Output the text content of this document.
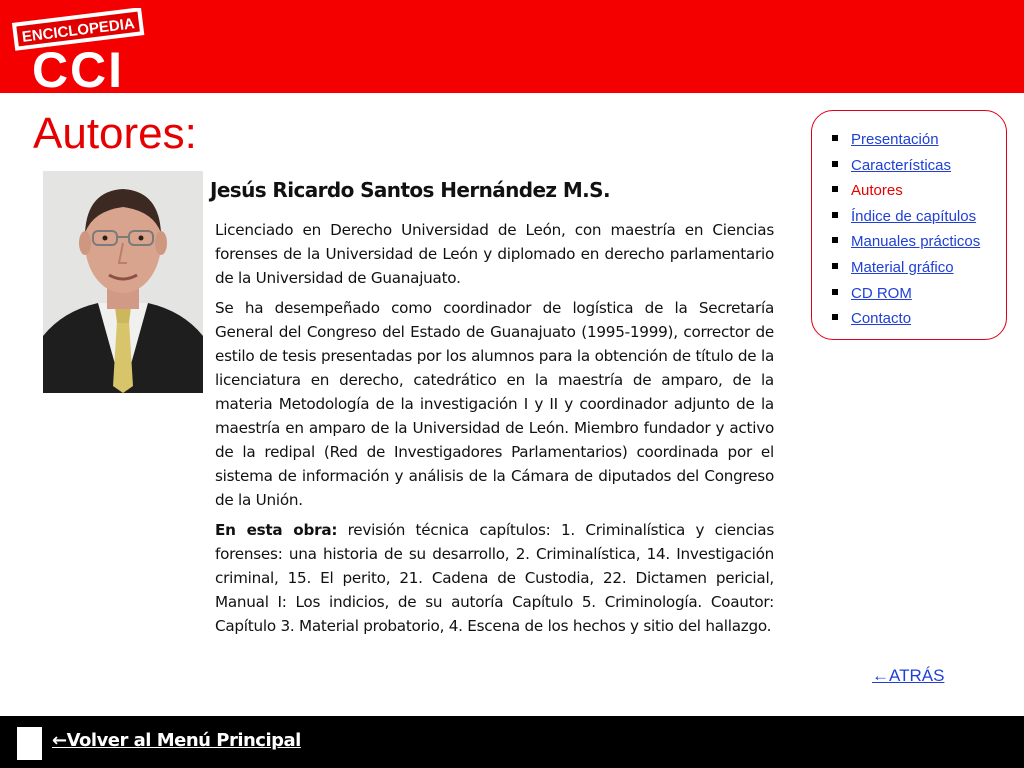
ENCICLOPEDIA
CCI
Autores:
Jesús Ricardo Santos Hernández M.S.

Licenciado en Derecho Universidad de León, con maestría en Ciencias forenses de la Universidad de León y diplomado en derecho parlamentario de la Universidad de Guanajuato.

Se ha desempeñado como coordinador de logística de la Secretaría General del Congreso del Estado de Guanajuato (1995-1999), corrector de estilo de tesis presentadas por los alumnos para la obtención de título de la licenciatura en derecho, catedrático en la maestría de amparo, de la materia Metodología de la investigación I y II y coordinador adjunto de la maestría en amparo de la Universidad de León. Miembro fundador y activo de la redipal (Red de Investigadores Parlamentarios) coordinada por el sistema de información y análisis de la Cámara de diputados del Congreso de la Unión.

En esta obra: revisión técnica capítulos: 1. Criminalística y ciencias forenses: una historia de su desarrollo, 2. Criminalística, 14. Investigación criminal, 15. El perito, 21. Cadena de Custodia, 22. Dictamen pericial, Manual I: Los indicios, de su autoría Capítulo 5. Criminología. Coautor: Capítulo 3. Material probatorio, 4. Escena de los hechos y sitio del hallazgo.

Presentación
Características
Autores
Índice de capítulos
Manuales prácticos
Material gráfico
CD ROM
Contacto
←ATRÁS
←Volver al Menú Principal
